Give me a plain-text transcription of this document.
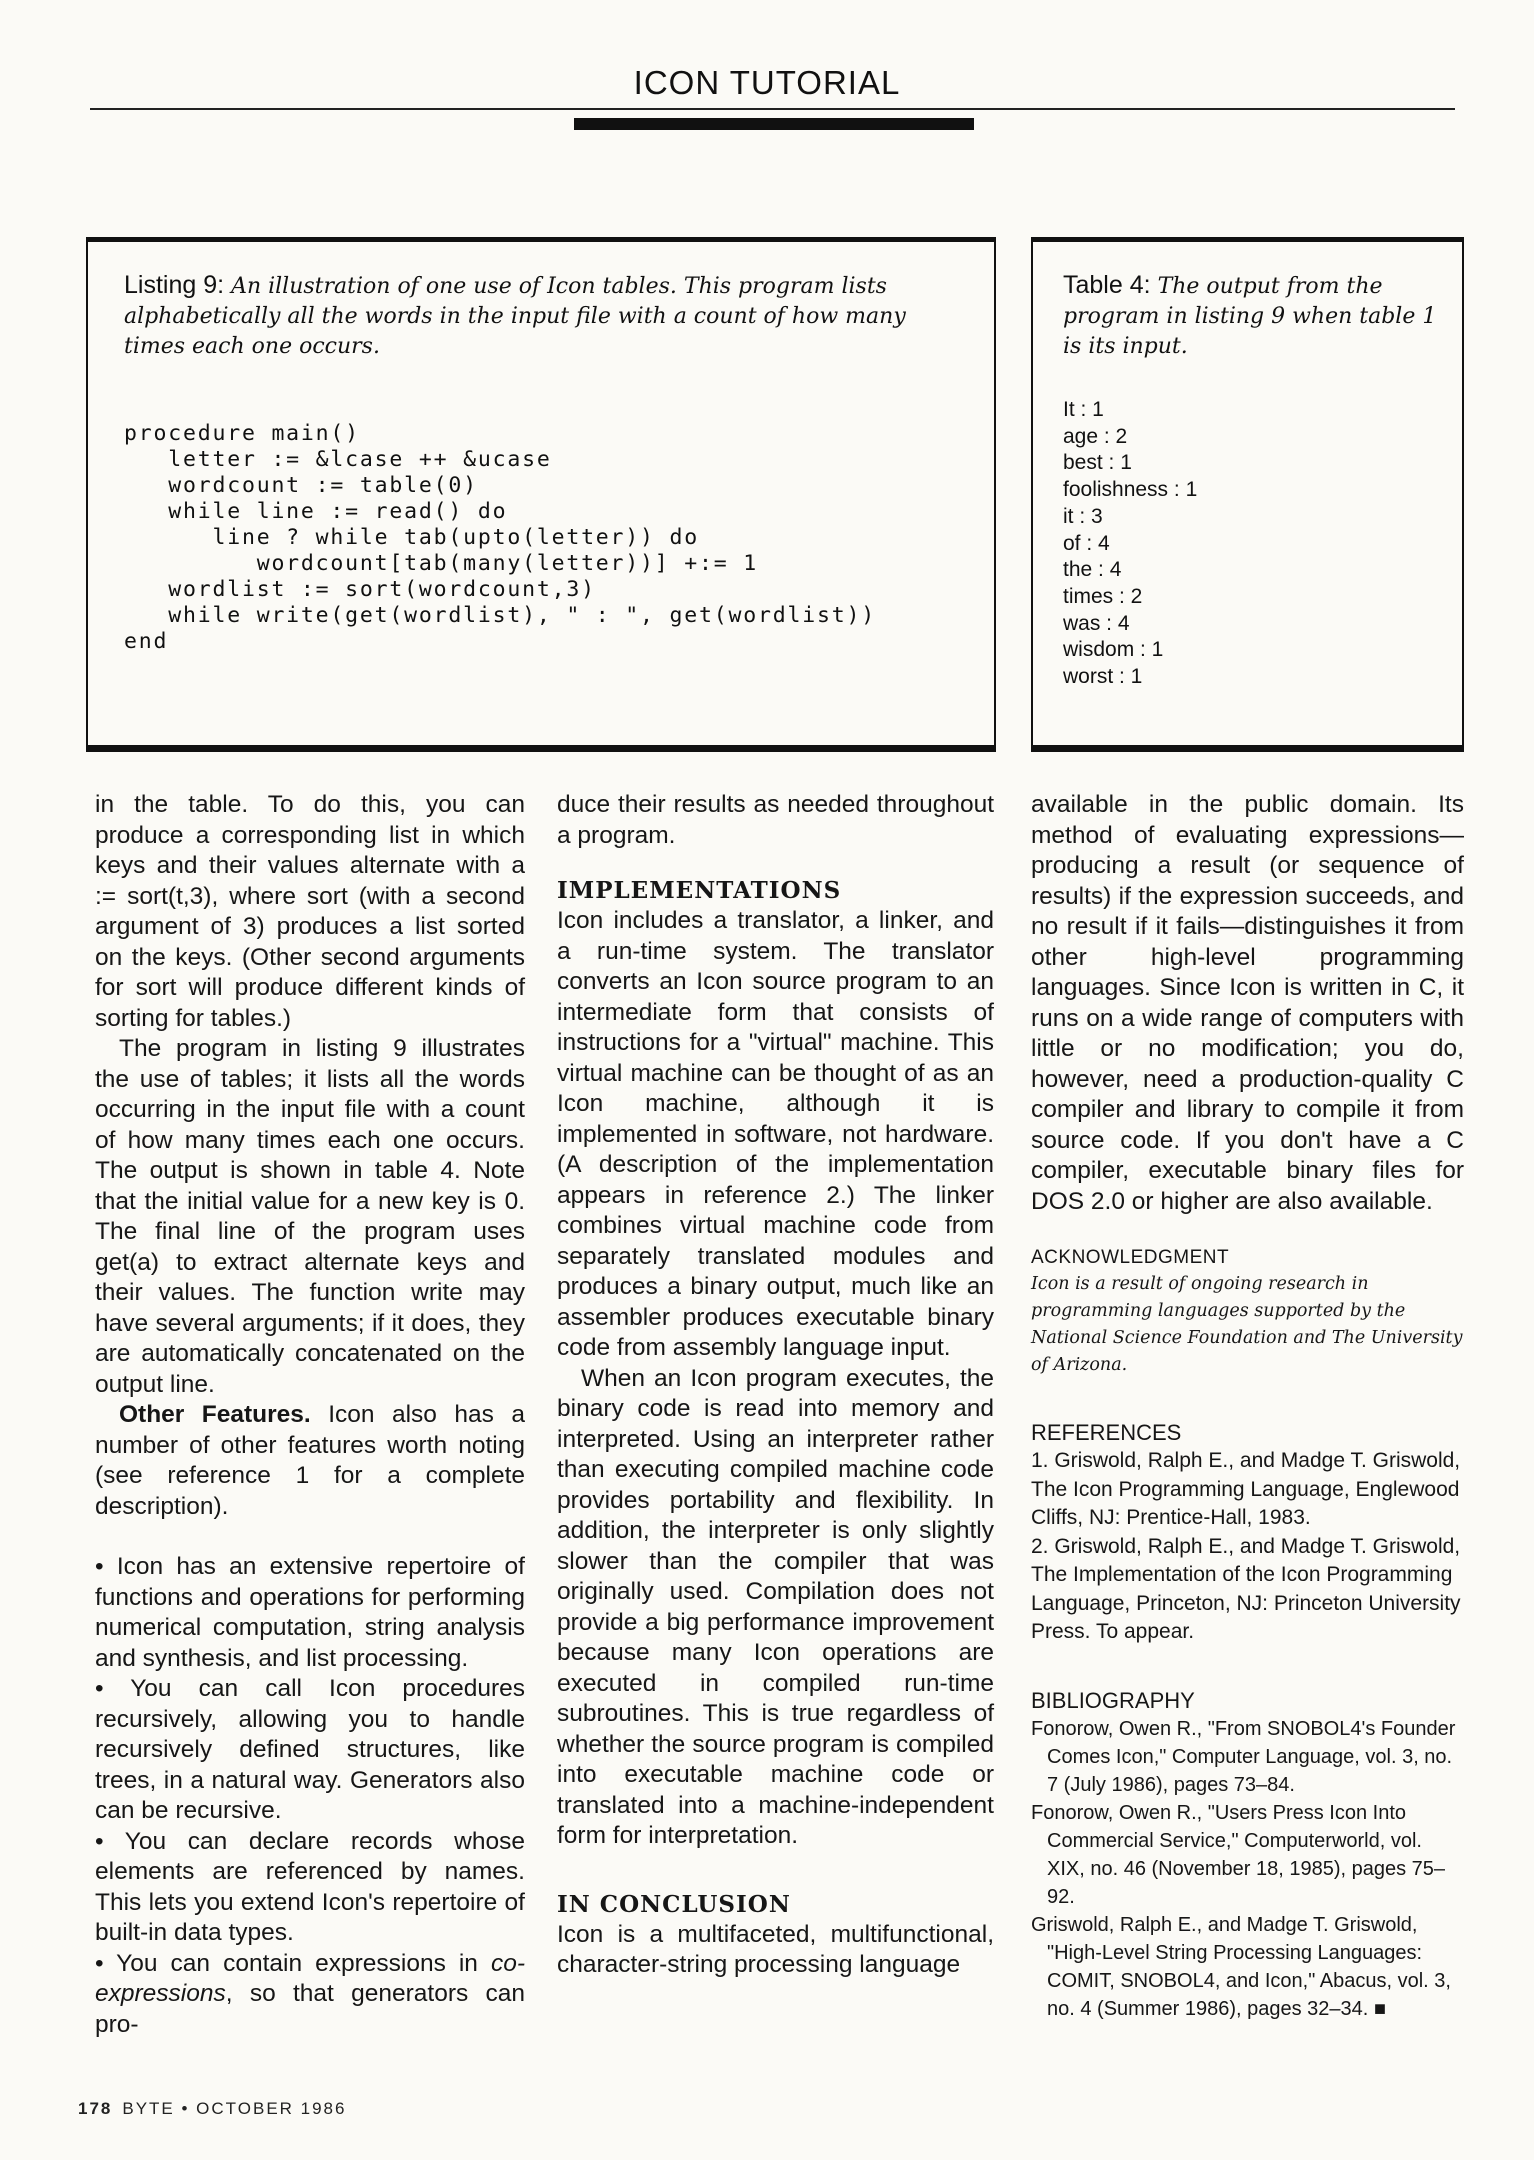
ICON TUTORIAL
Listing 9: An illustration of one use of Icon tables. This program lists alphabetically all the words in the input file with a count of how many times each one occurs.
procedure main()
letter := &lcase ++ &ucase
wordcount := table(0)
while line := read() do
line ? while tab(upto(letter)) do
wordcount[tab(many(letter))] +:= 1
wordlist := sort(wordcount,3)
while write(get(wordlist), " : ", get(wordlist))
end
Table 4: The output from the program in listing 9 when table 1 is its input.
It : 1
age : 2
best : 1
foolishness : 1
it : 3
of : 4
the : 4
times : 2
was : 4
wisdom : 1
worst : 1

in the table. To do this, you can produce a corresponding list in which keys and their values alternate with a := sort(t,3), where sort (with a second argument of 3) produces a list sorted on the keys. (Other second arguments for sort will produce different kinds of sorting for tables.)

The program in listing 9 illustrates the use of tables; it lists all the words occurring in the input file with a count of how many times each one occurs. The output is shown in table 4. Note that the initial value for a new key is 0. The final line of the program uses get(a) to extract alternate keys and their values. The function write may have several arguments; if it does, they are automatically concatenated on the output line.

Other Features. Icon also has a number of other features worth noting (see reference 1 for a complete description).

• Icon has an extensive repertoire of functions and operations for performing numerical computation, string analysis and synthesis, and list processing.

• You can call Icon procedures recursively, allowing you to handle recursively defined structures, like trees, in a natural way. Generators also can be recursive.

• You can declare records whose elements are referenced by names. This lets you extend Icon's repertoire of built-in data types.

• You can contain expressions in co-expressions, so that generators can pro-

duce their results as needed throughout a program.

IMPLEMENTATIONS

Icon includes a translator, a linker, and a run-time system. The translator converts an Icon source program to an intermediate form that consists of instructions for a "virtual" machine. This virtual machine can be thought of as an Icon machine, although it is implemented in software, not hardware. (A description of the implementation appears in reference 2.) The linker combines virtual machine code from separately translated modules and produces a binary output, much like an assembler produces executable binary code from assembly language input.

When an Icon program executes, the binary code is read into memory and interpreted. Using an interpreter rather than executing compiled machine code provides portability and flexibility. In addition, the interpreter is only slightly slower than the compiler that was originally used. Compilation does not provide a big performance improvement because many Icon operations are executed in compiled run-time subroutines. This is true regardless of whether the source program is compiled into executable machine code or translated into a machine-independent form for interpretation.

IN CONCLUSION

Icon is a multifaceted, multifunctional, character-string processing language

available in the public domain. Its method of evaluating expressions—producing a result (or sequence of results) if the expression succeeds, and no result if it fails—distinguishes it from other high-level programming languages. Since Icon is written in C, it runs on a wide range of computers with little or no modification; you do, however, need a production-quality C compiler and library to compile it from source code. If you don't have a C compiler, executable binary files for DOS 2.0 or higher are also available.

ACKNOWLEDGMENT

Icon is a result of ongoing research in programming languages supported by the National Science Foundation and The University of Arizona.

REFERENCES

1. Griswold, Ralph E., and Madge T. Griswold, The Icon Programming Language, Englewood Cliffs, NJ: Prentice-Hall, 1983.

2. Griswold, Ralph E., and Madge T. Griswold, The Implementation of the Icon Programming Language, Princeton, NJ: Princeton University Press. To appear.

BIBLIOGRAPHY

Fonorow, Owen R., "From SNOBOL4's Founder Comes Icon," Computer Language, vol. 3, no. 7 (July 1986), pages 73–84.

Fonorow, Owen R., "Users Press Icon Into Commercial Service," Computerworld, vol. XIX, no. 46 (November 18, 1985), pages 75–92.

Griswold, Ralph E., and Madge T. Griswold, "High-Level String Processing Languages: COMIT, SNOBOL4, and Icon," Abacus, vol. 3, no. 4 (Summer 1986), pages 32–34. ■

178 BYTE • OCTOBER 1986
